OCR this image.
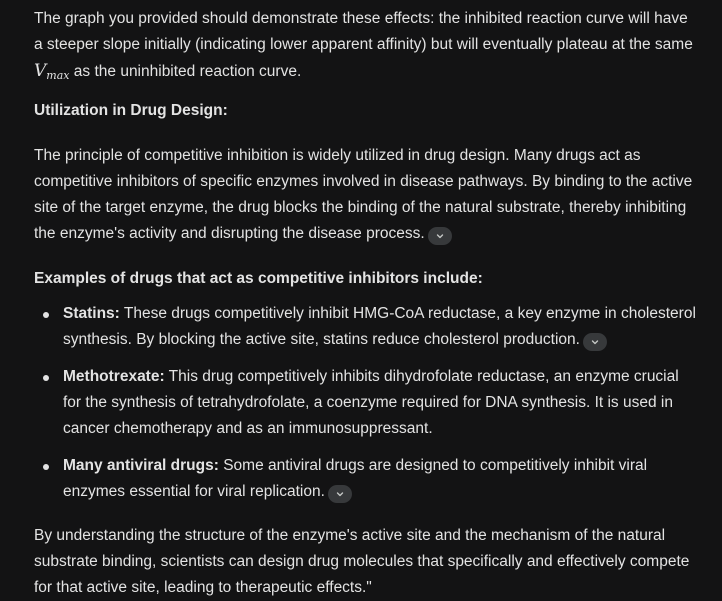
The graph you provided should demonstrate these effects: the inhibited reaction curve will have a steeper slope initially (indicating lower apparent affinity) but will eventually plateau at the same $V_{max}$ as the uninhibited reaction curve.

Utilization in Drug Design:

The principle of competitive inhibition is widely utilized in drug design. Many drugs act as competitive inhibitors of specific enzymes involved in disease pathways. By binding to the active site of the target enzyme, the drug blocks the binding of the natural substrate, thereby inhibiting the enzyme's activity and disrupting the disease process.

Examples of drugs that act as competitive inhibitors include:

Statins: These drugs competitively inhibit HMG-CoA reductase, a key enzyme in cholesterol synthesis. By blocking the active site, statins reduce cholesterol production.
Methotrexate: This drug competitively inhibits dihydrofolate reductase, an enzyme crucial for the synthesis of tetrahydrofolate, a coenzyme required for DNA synthesis. It is used in cancer chemotherapy and as an immunosuppressant.
Many antiviral drugs: Some antiviral drugs are designed to competitively inhibit viral enzymes essential for viral replication.

By understanding the structure of the enzyme's active site and the mechanism of the natural substrate binding, scientists can design drug molecules that specifically and effectively compete for that active site, leading to therapeutic effects."
